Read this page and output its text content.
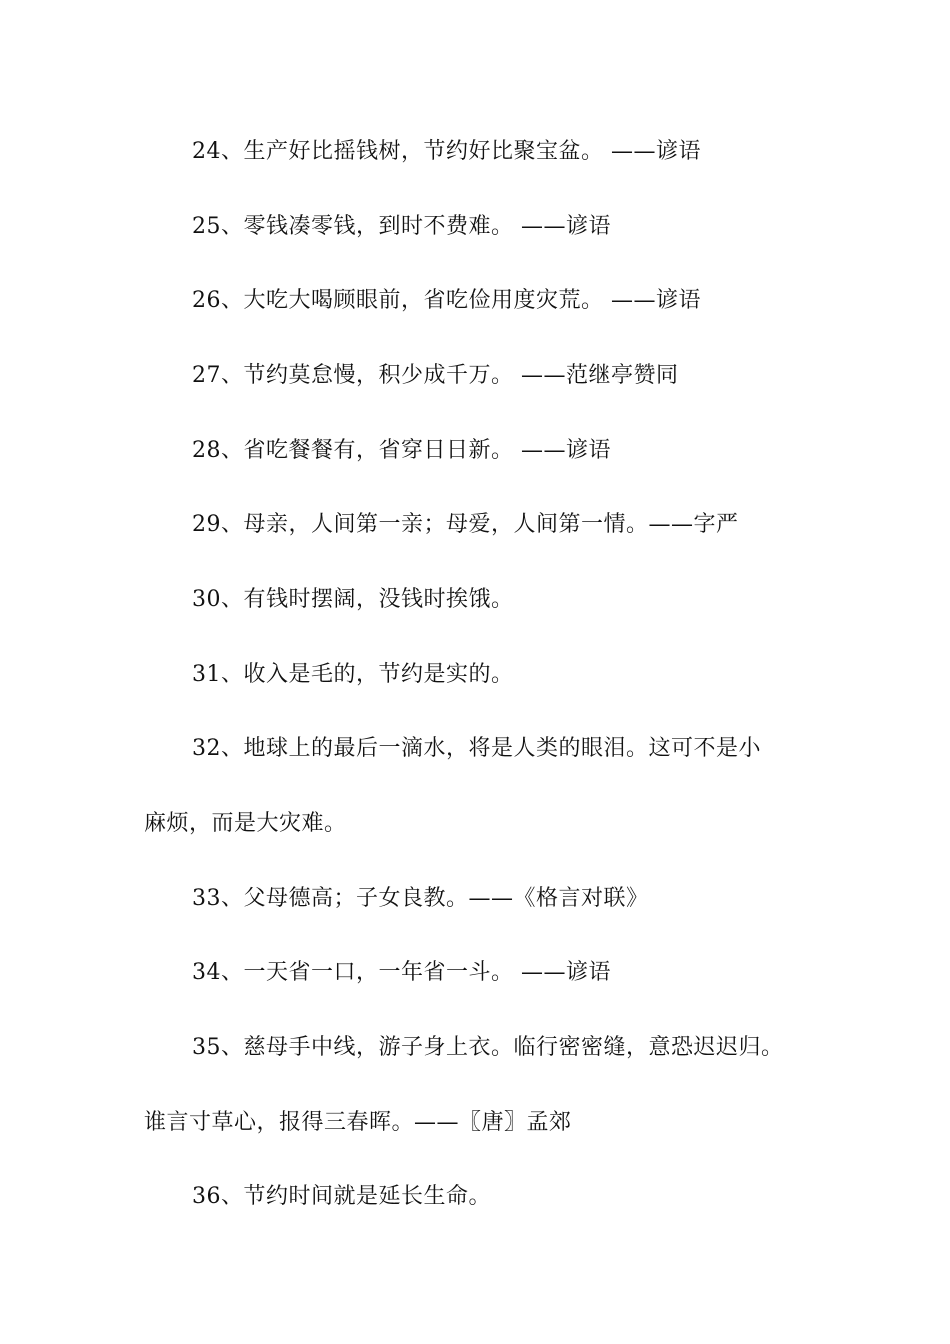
24、生产好比摇钱树，节约好比聚宝盆。 ——谚语

25、零钱凑零钱，到时不费难。 ——谚语

26、大吃大喝顾眼前，省吃俭用度灾荒。 ——谚语

27、节约莫怠慢，积少成千万。 ——范继亭赞同

28、省吃餐餐有，省穿日日新。 ——谚语

29、母亲，人间第一亲；母爱，人间第一情。——字严

30、有钱时摆阔，没钱时挨饿。

31、收入是毛的，节约是实的。

32、地球上的最后一滴水，将是人类的眼泪。这可不是小

麻烦，而是大灾难。

33、父母德高；子女良教。——《格言对联》

34、一天省一口，一年省一斗。 ——谚语

35、慈母手中线，游子身上衣。临行密密缝，意恐迟迟归。

谁言寸草心，报得三春晖。——〖唐〗孟郊

36、节约时间就是延长生命。
